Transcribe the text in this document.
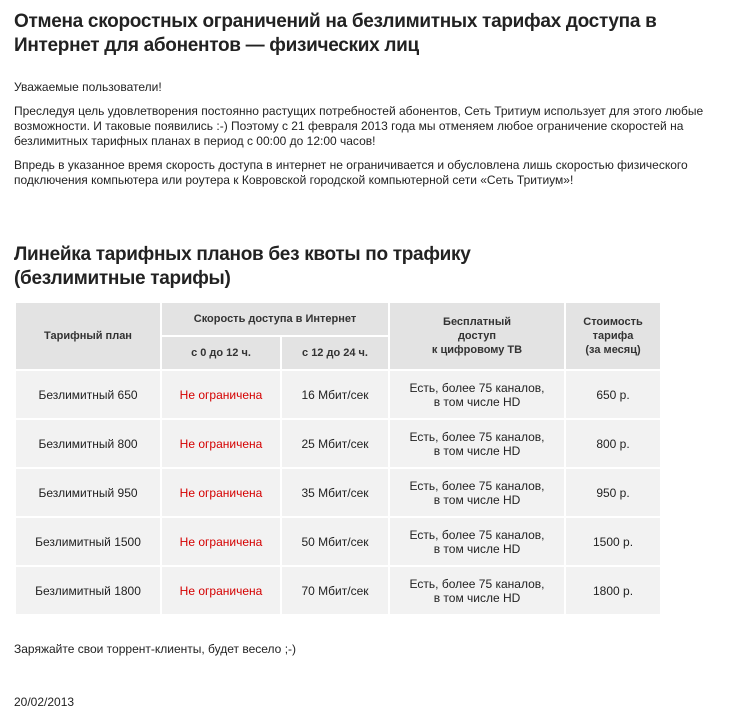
Отмена скоростных ограничений на безлимитных тарифах доступа в Интернет для абонентов — физических лиц

Уважаемые пользователи!

Преследуя цель удовлетворения постоянно растущих потребностей абонентов, Сеть Тритиум использует для этого любые возможности. И таковые появились :-) Поэтому с 21 февраля 2013 года мы отменяем любое ограничение скоростей на безлимитных тарифных планах в период с 00:00 до 12:00 часов!

Впредь в указанное время скорость доступа в интернет не ограничивается и обусловлена лишь скоростью физического подключения компьютера или роутера к Ковровской городской компьютерной сети «Сеть Тритиум»!

Линейка тарифных планов без квоты по трафику
(безлимитные тарифы)
Тарифный план	Скорость доступа в Интернет		Бесплатный
доступ
к цифровому ТВ	Стоимость
тарифа
(за месяц)
	с 0 до 12 ч.	с 12 до 24 ч.		
Безлимитный 650	Не ограничена	16 Мбит/сек	Есть, более 75 каналов,
в том числе HD	650 р.
Безлимитный 800	Не ограничена	25 Мбит/сек	Есть, более 75 каналов,
в том числе HD	800 р.
Безлимитный 950	Не ограничена	35 Мбит/сек	Есть, более 75 каналов,
в том числе HD	950 р.
Безлимитный 1500	Не ограничена	50 Мбит/сек	Есть, более 75 каналов,
в том числе HD	1500 р.
Безлимитный 1800	Не ограничена	70 Мбит/сек	Есть, более 75 каналов,
в том числе HD	1800 р.

Заряжайте свои торрент-клиенты, будет весело ;-)

20/02/2013
